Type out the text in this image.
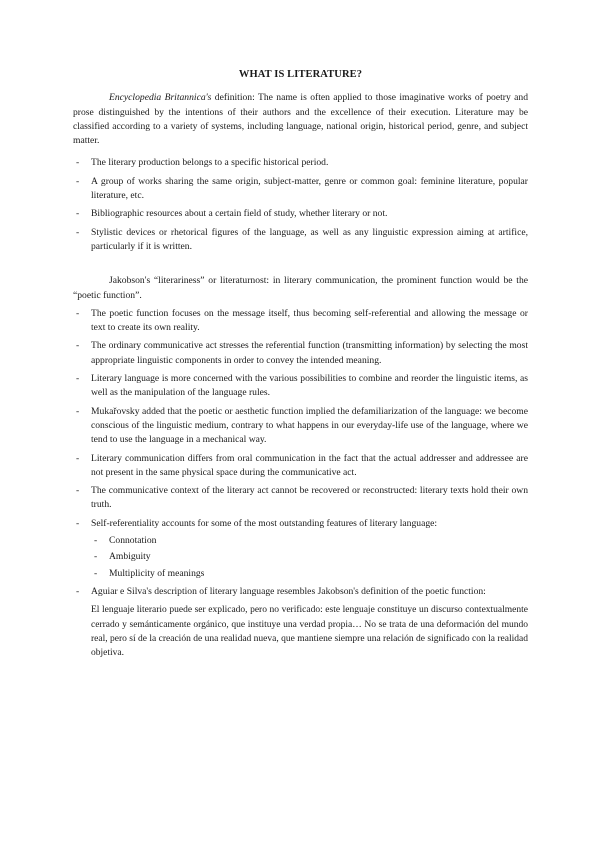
WHAT IS LITERATURE?

Encyclopedia Britannica's definition: The name is often applied to those imaginative works of poetry and prose distinguished by the intentions of their authors and the excellence of their execution. Literature may be classified according to a variety of systems, including language, national origin, historical period, genre, and subject matter.

- The literary production belongs to a specific historical period.
- A group of works sharing the same origin, subject-matter, genre or common goal: feminine literature, popular literature, etc.
- Bibliographic resources about a certain field of study, whether literary or not.
- Stylistic devices or rhetorical figures of the language, as well as any linguistic expression aiming at artifice, particularly if it is written.

Jakobson's “literariness” or literaturnost: in literary communication, the prominent function would be the “poetic function”.

- The poetic function focuses on the message itself, thus becoming self-referential and allowing the message or text to create its own reality.
- The ordinary communicative act stresses the referential function (transmitting information) by selecting the most appropriate linguistic components in order to convey the intended meaning.
- Literary language is more concerned with the various possibilities to combine and reorder the linguistic items, as well as the manipulation of the language rules.
- Mukařovsky added that the poetic or aesthetic function implied the defamiliarization of the language: we become conscious of the linguistic medium, contrary to what happens in our everyday-life use of the language, where we tend to use the language in a mechanical way.
- Literary communication differs from oral communication in the fact that the actual addresser and addressee are not present in the same physical space during the communicative act.
- The communicative context of the literary act cannot be recovered or reconstructed: literary texts hold their own truth.
- Self-referentiality accounts for some of the most outstanding features of literary language:
- Connotation
- Ambiguity
- Multiplicity of meanings
- Aguiar e Silva's description of literary language resembles Jakobson's definition of the poetic function:

El lenguaje literario puede ser explicado, pero no verificado: este lenguaje constituye un discurso contextualmente cerrado y semánticamente orgánico, que instituye una verdad propia… No se trata de una deformación del mundo real, pero sí de la creación de una realidad nueva, que mantiene siempre una relación de significado con la realidad objetiva.
